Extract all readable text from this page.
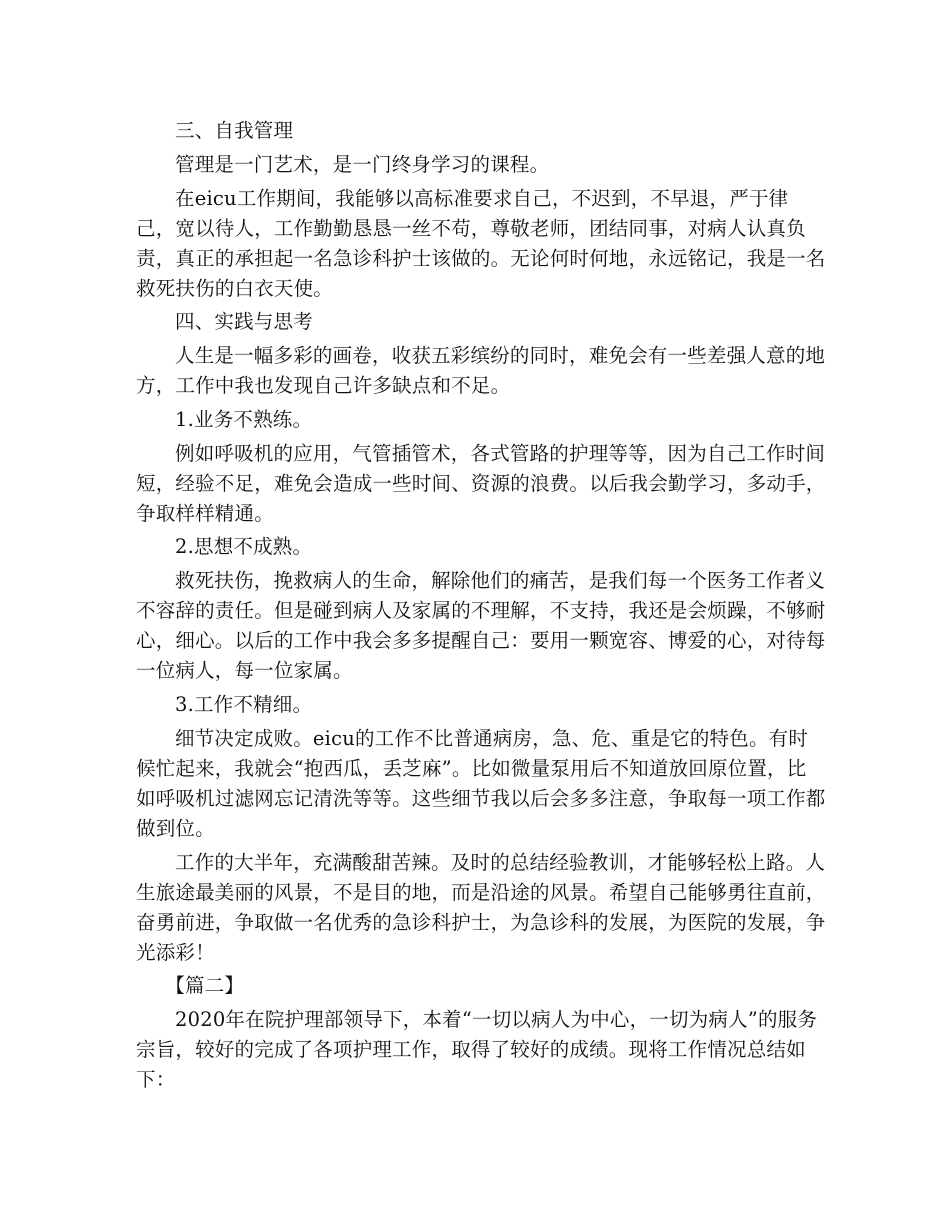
三、自我管理

管理是一门艺术，是一门终身学习的课程。

在eicu工作期间，我能够以高标准要求自己，不迟到，不早退，严于律己，宽以待人，工作勤勤恳恳一丝不苟，尊敬老师，团结同事，对病人认真负责，真正的承担起一名急诊科护士该做的。无论何时何地，永远铭记，我是一名救死扶伤的白衣天使。

四、实践与思考

人生是一幅多彩的画卷，收获五彩缤纷的同时，难免会有一些差强人意的地方，工作中我也发现自己许多缺点和不足。

1.业务不熟练。

例如呼吸机的应用，气管插管术，各式管路的护理等等，因为自己工作时间短，经验不足，难免会造成一些时间、资源的浪费。以后我会勤学习，多动手，争取样样精通。

2.思想不成熟。

救死扶伤，挽救病人的生命，解除他们的痛苦，是我们每一个医务工作者义不容辞的责任。但是碰到病人及家属的不理解，不支持，我还是会烦躁，不够耐心，细心。以后的工作中我会多多提醒自己：要用一颗宽容、博爱的心，对待每一位病人，每一位家属。

3.工作不精细。

细节决定成败。eicu的工作不比普通病房，急、危、重是它的特色。有时候忙起来，我就会“抱西瓜，丢芝麻”。比如微量泵用后不知道放回原位置，比如呼吸机过滤网忘记清洗等等。这些细节我以后会多多注意，争取每一项工作都做到位。

工作的大半年，充满酸甜苦辣。及时的总结经验教训，才能够轻松上路。人生旅途最美丽的风景，不是目的地，而是沿途的风景。希望自己能够勇往直前，奋勇前进，争取做一名优秀的急诊科护士，为急诊科的发展，为医院的发展，争光添彩！

【篇二】

2020年在院护理部领导下，本着“一切以病人为中心，一切为病人”的服务宗旨，较好的完成了各项护理工作，取得了较好的成绩。现将工作情况总结如下：
